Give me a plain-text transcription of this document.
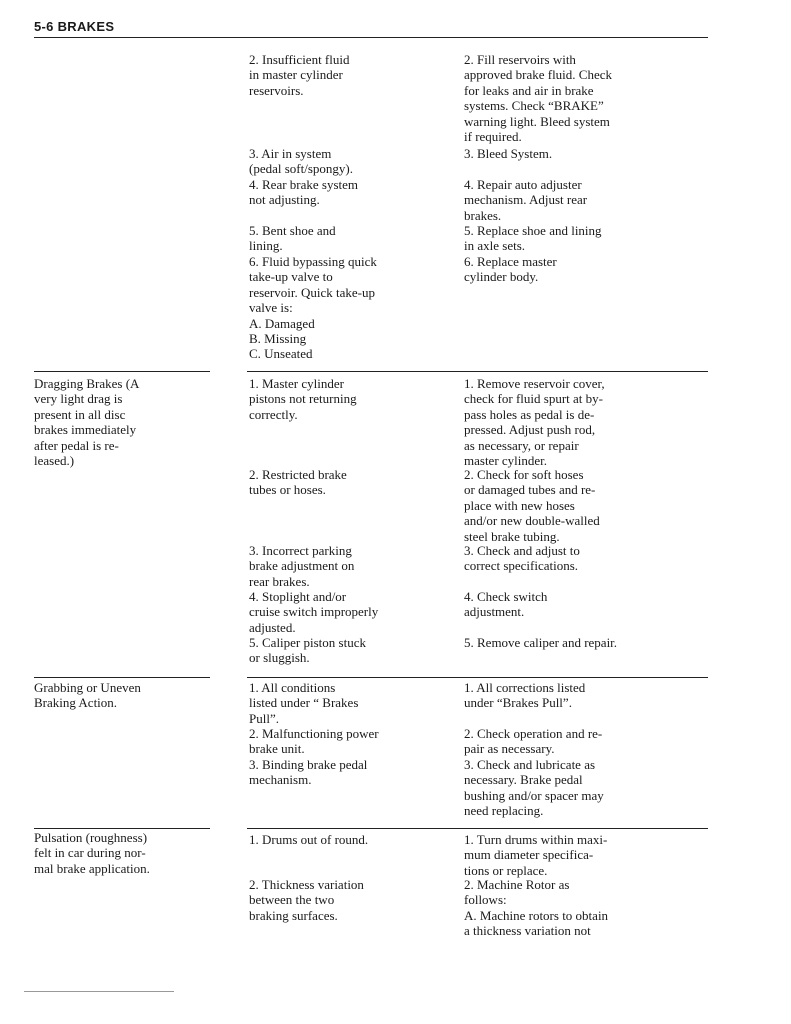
5-6 BRAKES
2. Insufficient fluid
in master cylinder
reservoirs.
3. Air in system
(pedal soft/spongy).
4. Rear brake system
not adjusting.
5. Bent shoe and
lining.
6. Fluid bypassing quick
take-up valve to
reservoir. Quick take-up
valve is:
A. Damaged
B. Missing
C. Unseated
2. Fill reservoirs with
approved brake fluid. Check
for leaks and air in brake
systems. Check “BRAKE”
warning light. Bleed system
if required.
3. Bleed System.
4. Repair auto adjuster
mechanism. Adjust rear
brakes.
5. Replace shoe and lining
in axle sets.
6. Replace master
cylinder body.
Dragging Brakes (A
very light drag is
present in all disc
brakes immediately
after pedal is re-
leased.)
1. Master cylinder
pistons not returning
correctly.
2. Restricted brake
tubes or hoses.
3. Incorrect parking
brake adjustment on
rear brakes.
4. Stoplight and/or
cruise switch improperly
adjusted.
5. Caliper piston stuck
or sluggish.
1. Remove reservoir cover,
check for fluid spurt at by-
pass holes as pedal is de-
pressed. Adjust push rod,
as necessary, or repair
master cylinder.
2. Check for soft hoses
or damaged tubes and re-
place with new hoses
and/or new double-walled
steel brake tubing.
3. Check and adjust to
correct specifications.
4. Check switch
adjustment.
5. Remove caliper and repair.
Grabbing or Uneven
Braking Action.
1. All conditions
listed under “ Brakes
Pull”.
2. Malfunctioning power
brake unit.
3. Binding brake pedal
mechanism.
1. All corrections listed
under “Brakes Pull”.
2. Check operation and re-
pair as necessary.
3. Check and lubricate as
necessary. Brake pedal
bushing and/or spacer may
need replacing.
Pulsation (roughness)
felt in car during nor-
mal brake application.
1. Drums out of round.
2. Thickness variation
between the two
braking surfaces.
1. Turn drums within maxi-
mum diameter specifica-
tions or replace.
2. Machine Rotor as
follows:
A. Machine rotors to obtain
a thickness variation not
